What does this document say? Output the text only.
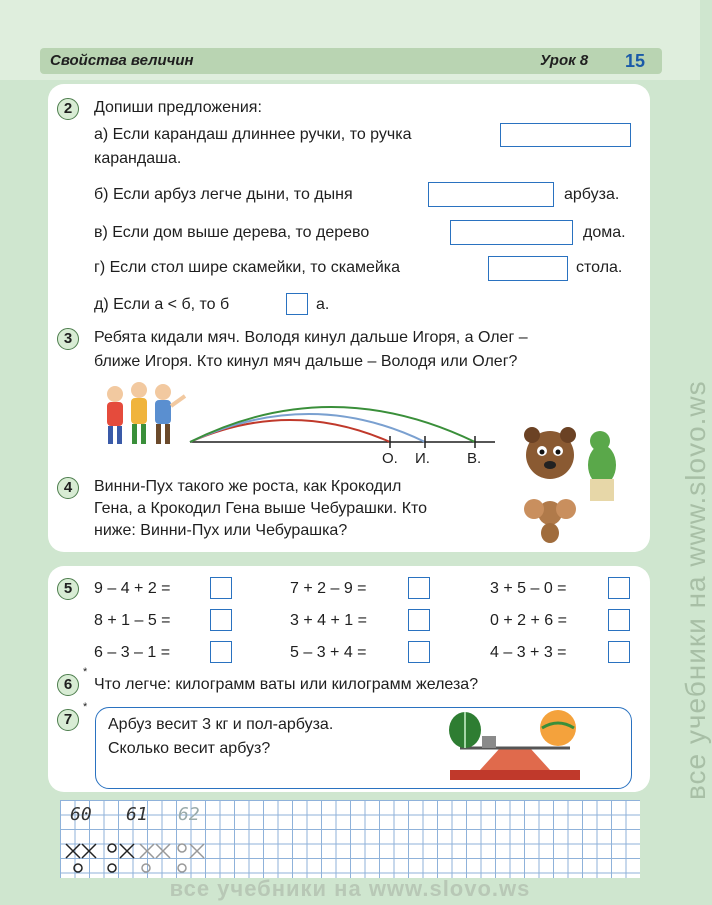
Свойства величин	Урок 8 15
все учебники на www.slovo.ws
2	Допиши предложения:
а) Если карандаш длиннее ручки, то ручка
карандаша.
б) Если арбуз легче дыни, то дыня	арбуза.
в) Если дом выше дерева, то дерево	дома.
г) Если стол шире скамейки, то скамейка	стола.
д) Если а < б, то б	а.
3	Ребята кидали мяч. Володя кинул дальше Игоря, а Олег –
ближе Игоря. Кто кинул мяч дальше – Володя или Олег?
О. И. В.
4	Винни-Пух такого же роста, как Крокодил
Гена, а Крокодил Гена выше Чебурашки. Кто
ниже: Винни-Пух или Чебурашка?
5	9 – 4 + 2 =	7 + 2 – 9 =	3 + 5 – 0 =
8 + 1 – 5 =	3 + 4 + 1 =	0 + 2 + 6 =
6 – 3 – 1 =	5 – 3 + 4 =	4 – 3 + 3 =
6
*
Что легче: килограмм ваты или килограмм железа?
7
*
Арбуз весит 3 кг и пол-арбуза.
Сколько весит арбуз?
60 61 62
все учебники на www.slovo.ws
